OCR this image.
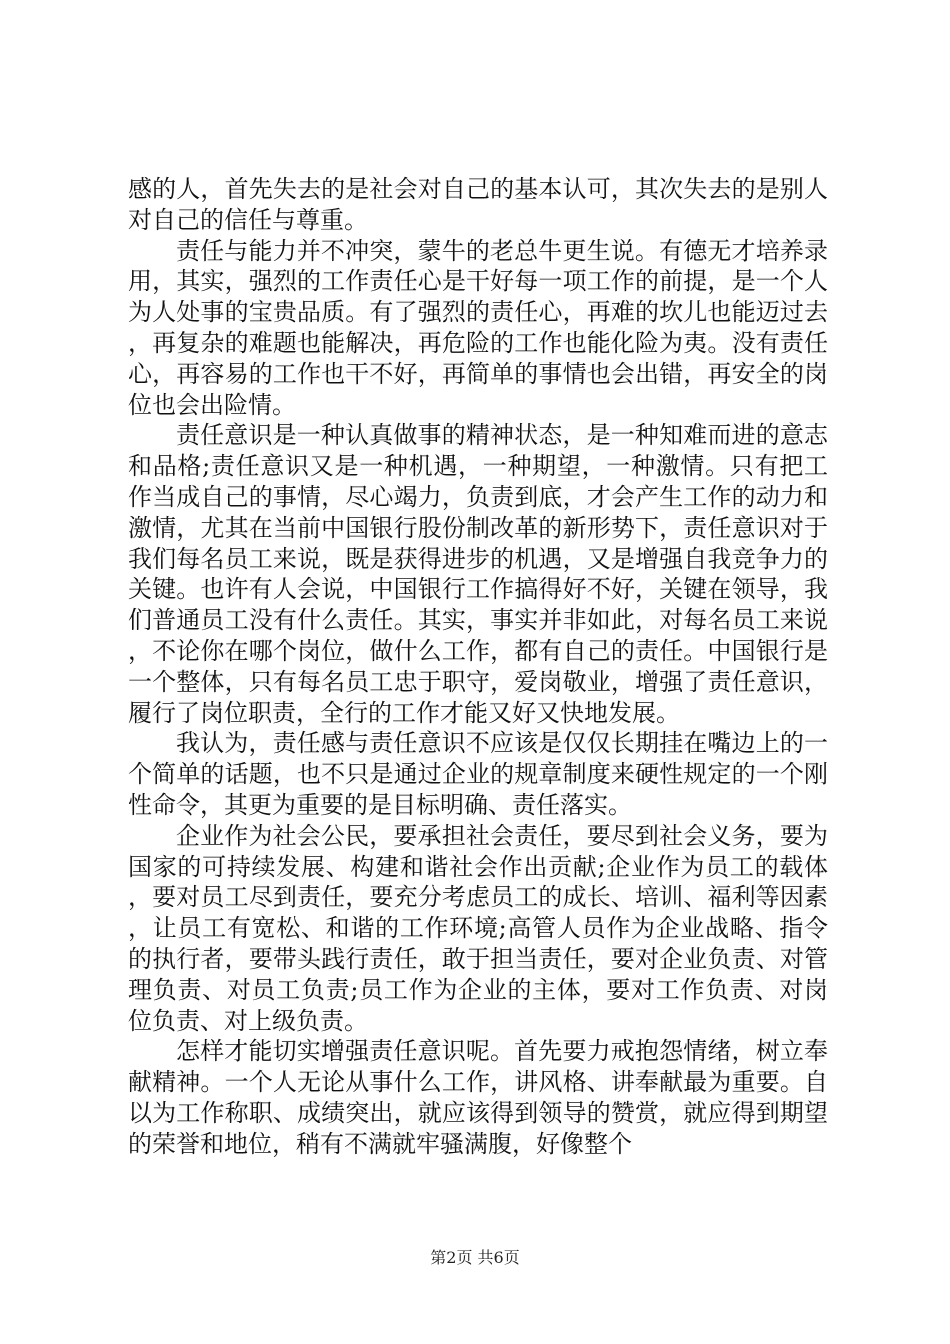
感的人，首先失去的是社会对自己的基本认可，其次失去的是别人对自己的信任与尊重。

责任与能力并不冲突，蒙牛的老总牛更生说。有德无才培养录用，其实，强烈的工作责任心是干好每一项工作的前提，是一个人为人处事的宝贵品质。有了强烈的责任心，再难的坎儿也能迈过去，再复杂的难题也能解决，再危险的工作也能化险为夷。没有责任心，再容易的工作也干不好，再简单的事情也会出错，再安全的岗位也会出险情。

责任意识是一种认真做事的精神状态，是一种知难而进的意志和品格;责任意识又是一种机遇，一种期望，一种激情。只有把工作当成自己的事情，尽心竭力，负责到底，才会产生工作的动力和激情，尤其在当前中国银行股份制改革的新形势下，责任意识对于我们每名员工来说，既是获得进步的机遇，又是增强自我竞争力的关键。也许有人会说，中国银行工作搞得好不好，关键在领导，我们普通员工没有什么责任。其实，事实并非如此，对每名员工来说，不论你在哪个岗位，做什么工作，都有自己的责任。中国银行是一个整体，只有每名员工忠于职守，爱岗敬业，增强了责任意识，履行了岗位职责，全行的工作才能又好又快地发展。

我认为，责任感与责任意识不应该是仅仅长期挂在嘴边上的一个简单的话题，也不只是通过企业的规章制度来硬性规定的一个刚性命令，其更为重要的是目标明确、责任落实。

企业作为社会公民，要承担社会责任，要尽到社会义务，要为国家的可持续发展、构建和谐社会作出贡献;企业作为员工的载体，要对员工尽到责任，要充分考虑员工的成长、培训、福利等因素，让员工有宽松、和谐的工作环境;高管人员作为企业战略、指令的执行者，要带头践行责任，敢于担当责任，要对企业负责、对管理负责、对员工负责;员工作为企业的主体，要对工作负责、对岗位负责、对上级负责。

怎样才能切实增强责任意识呢。首先要力戒抱怨情绪，树立奉献精神。一个人无论从事什么工作，讲风格、讲奉献最为重要。自以为工作称职、成绩突出，就应该得到领导的赞赏，就应得到期望的荣誉和地位，稍有不满就牢骚满腹，好像整个

第2页 共6页
